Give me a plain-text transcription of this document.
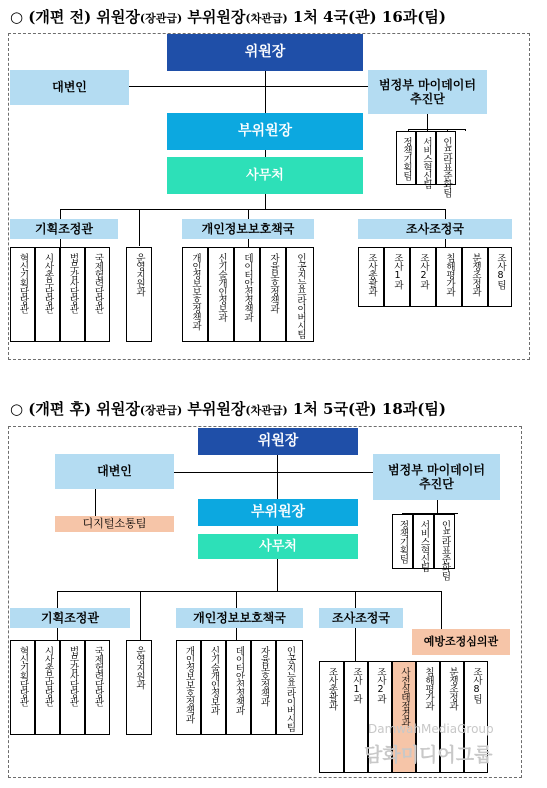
○ (개편 전) 위원장(장관급) 부위원장(차관급) 1처 4국(관) 16과(팀)
위원장
대변인	범정부 마이데이터
추진단
부위원장
사무처	정책기획팀 서비스혁신팀 인프라표준화팀
기획조정관	개인정보보호책국	조사조정국
혁신기획담당관 시사총무담당관 법무감사담당관 국제협력담당관	운영지원과	개인정보보호정책과 신기술개인정보과 데이터안전정책과 자율보호정책과 인공지능프라이버시팀	조사총괄과 조사1과 조사2과 침해평가과 분쟁조정과 조사8팀
○ (개편 후) 위원장(장관급) 부위원장(차관급) 1처 5국(관) 18과(팀)
위원장
대변인	범정부 마이데이터
추진단
디지털소통팀
부위원장
사무처	정책기획팀 서비스혁신팀 인프라표준화팀
기획조정관	개인정보보호책국	조사조정국
예방조정심의관
혁신기획담당관 시사총무담당관 법무감사담당관 국제협력담당관	운영지원과	개인정보보호정책과 신기술개인정보과 데이터안전정책과 자율보호정책과 인공지능프라이버시팀	조사총괄과 조사1과 조사2과 사전실태점검과 침해평가과 분쟁조정과 조사8팀
DamwahMediaGroup
담화미디어그룹
